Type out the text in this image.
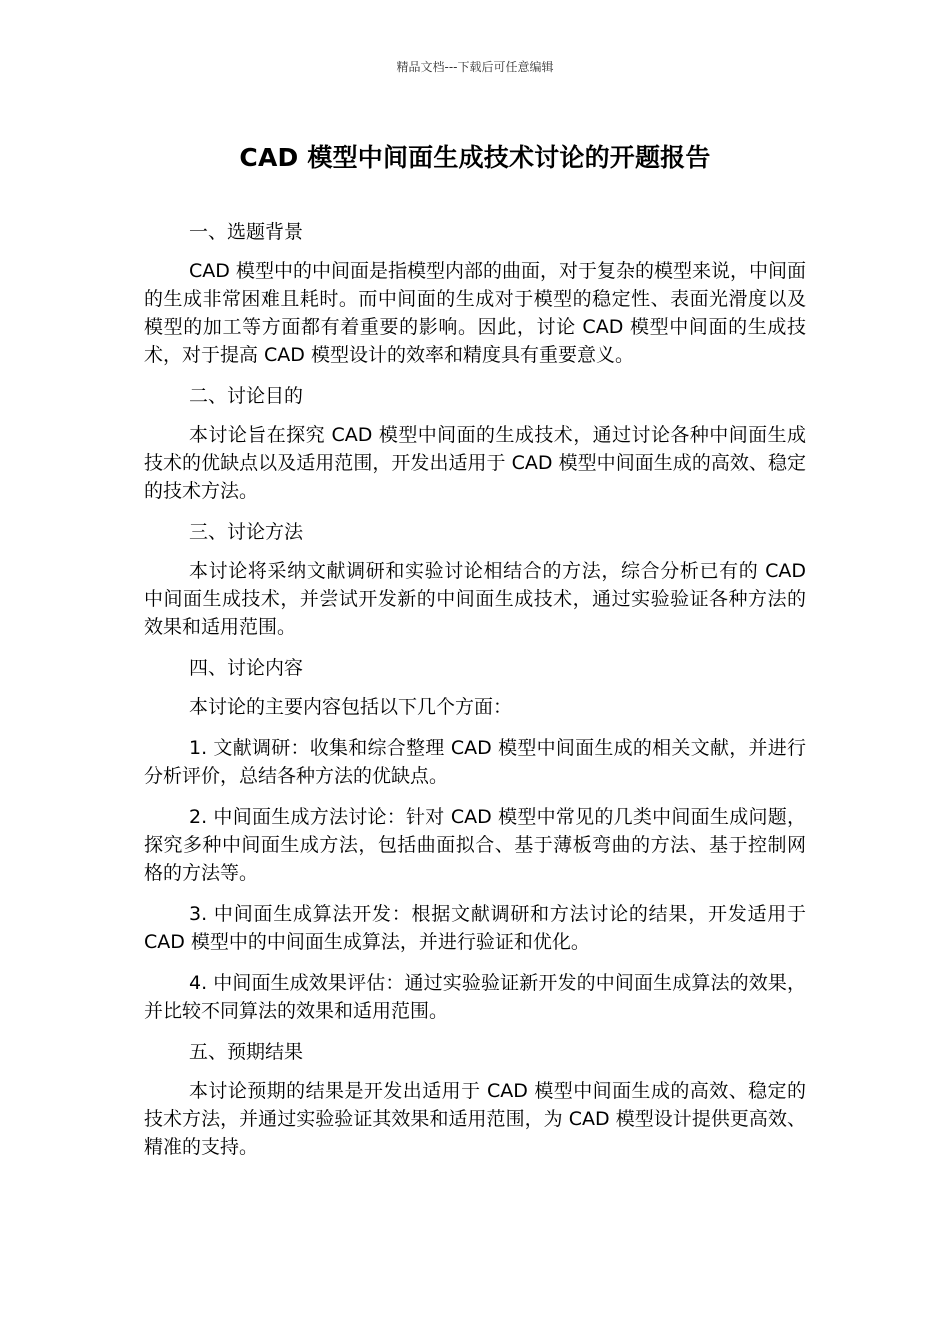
精品文档---下载后可任意编辑
CAD 模型中间面生成技术讨论的开题报告

一、选题背景

CAD 模型中的中间面是指模型内部的曲面，对于复杂的模型来说，中间面的生成非常困难且耗时。而中间面的生成对于模型的稳定性、表面光滑度以及模型的加工等方面都有着重要的影响。因此，讨论 CAD 模型中间面的生成技术，对于提高 CAD 模型设计的效率和精度具有重要意义。

二、讨论目的

本讨论旨在探究 CAD 模型中间面的生成技术，通过讨论各种中间面生成技术的优缺点以及适用范围，开发出适用于 CAD 模型中间面生成的高效、稳定的技术方法。

三、讨论方法

本讨论将采纳文献调研和实验讨论相结合的方法，综合分析已有的 CAD 中间面生成技术，并尝试开发新的中间面生成技术，通过实验验证各种方法的效果和适用范围。

四、讨论内容

本讨论的主要内容包括以下几个方面：

1. 文献调研：收集和综合整理 CAD 模型中间面生成的相关文献，并进行分析评价，总结各种方法的优缺点。

2. 中间面生成方法讨论：针对 CAD 模型中常见的几类中间面生成问题，探究多种中间面生成方法，包括曲面拟合、基于薄板弯曲的方法、基于控制网格的方法等。

3. 中间面生成算法开发：根据文献调研和方法讨论的结果，开发适用于 CAD 模型中的中间面生成算法，并进行验证和优化。

4. 中间面生成效果评估：通过实验验证新开发的中间面生成算法的效果，并比较不同算法的效果和适用范围。

五、预期结果

本讨论预期的结果是开发出适用于 CAD 模型中间面生成的高效、稳定的技术方法，并通过实验验证其效果和适用范围，为 CAD 模型设计提供更高效、精准的支持。
